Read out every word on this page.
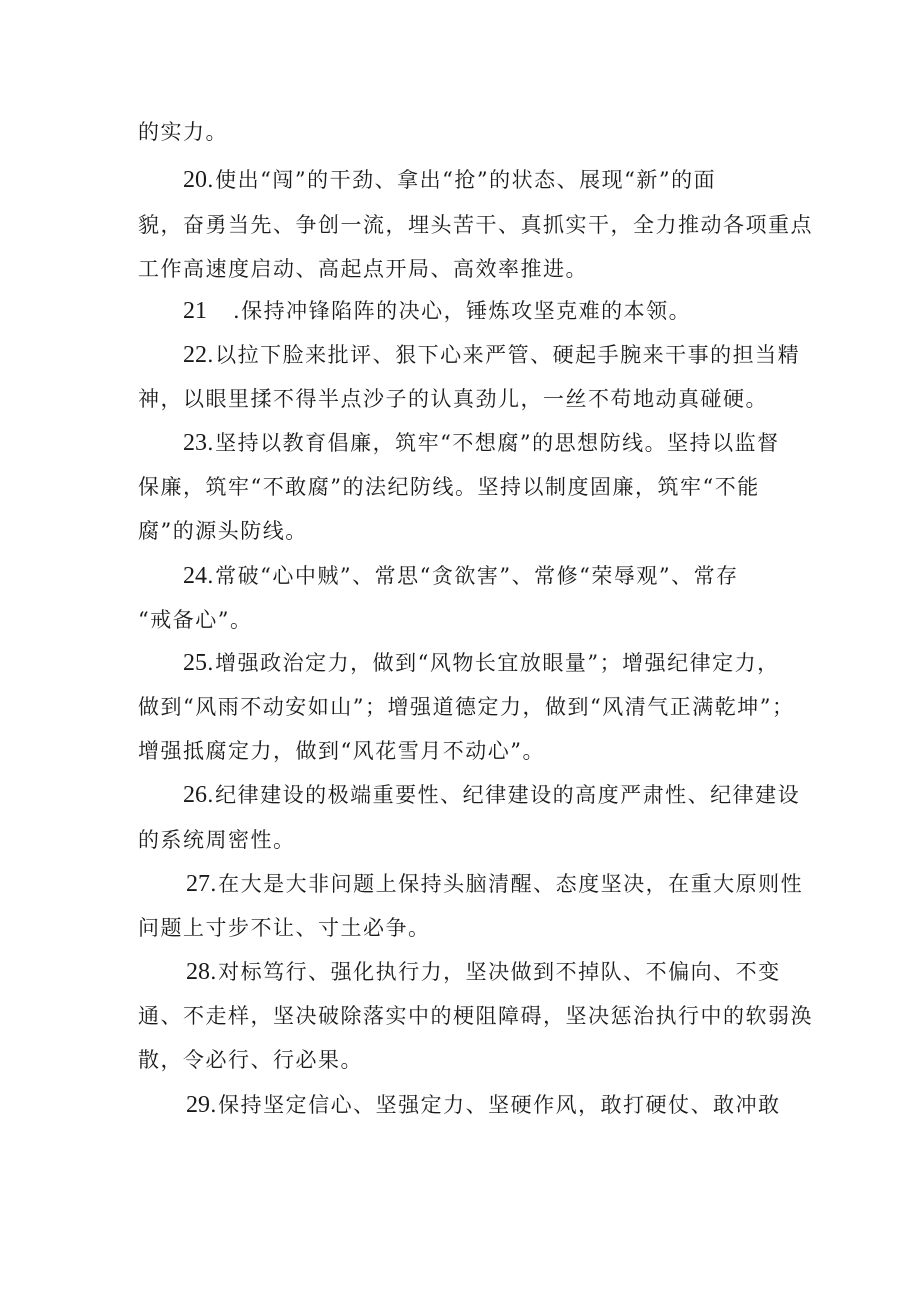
的实力。
20.使出“闯”的干劲、拿出“抢”的状态、展现“新”的面
貌，奋勇当先、争创一流，埋头苦干、真抓实干，全力推动各项重点
工作高速度启动、高起点开局、高效率推进。
21 .保持冲锋陷阵的决心，锤炼攻坚克难的本领。
22.以拉下脸来批评、狠下心来严管、硬起手腕来干事的担当精
神，以眼里揉不得半点沙子的认真劲儿，一丝不苟地动真碰硬。
23.坚持以教育倡廉，筑牢“不想腐”的思想防线。坚持以监督
保廉，筑牢“不敢腐”的法纪防线。坚持以制度固廉，筑牢“不能
腐”的源头防线。
24.常破“心中贼”、常思“贪欲害”、常修“荣辱观”、常存
“戒备心”。
25.增强政治定力，做到“风物长宜放眼量”；增强纪律定力，
做到“风雨不动安如山”；增强道德定力，做到“风清气正满乾坤”；
增强抵腐定力，做到“风花雪月不动心”。
26.纪律建设的极端重要性、纪律建设的高度严肃性、纪律建设
的系统周密性。
27.在大是大非问题上保持头脑清醒、态度坚决，在重大原则性
问题上寸步不让、寸土必争。
28.对标笃行、强化执行力，坚决做到不掉队、不偏向、不变
通、不走样，坚决破除落实中的梗阻障碍，坚决惩治执行中的软弱涣
散，令必行、行必果。
29.保持坚定信心、坚强定力、坚硬作风，敢打硬仗、敢冲敢
